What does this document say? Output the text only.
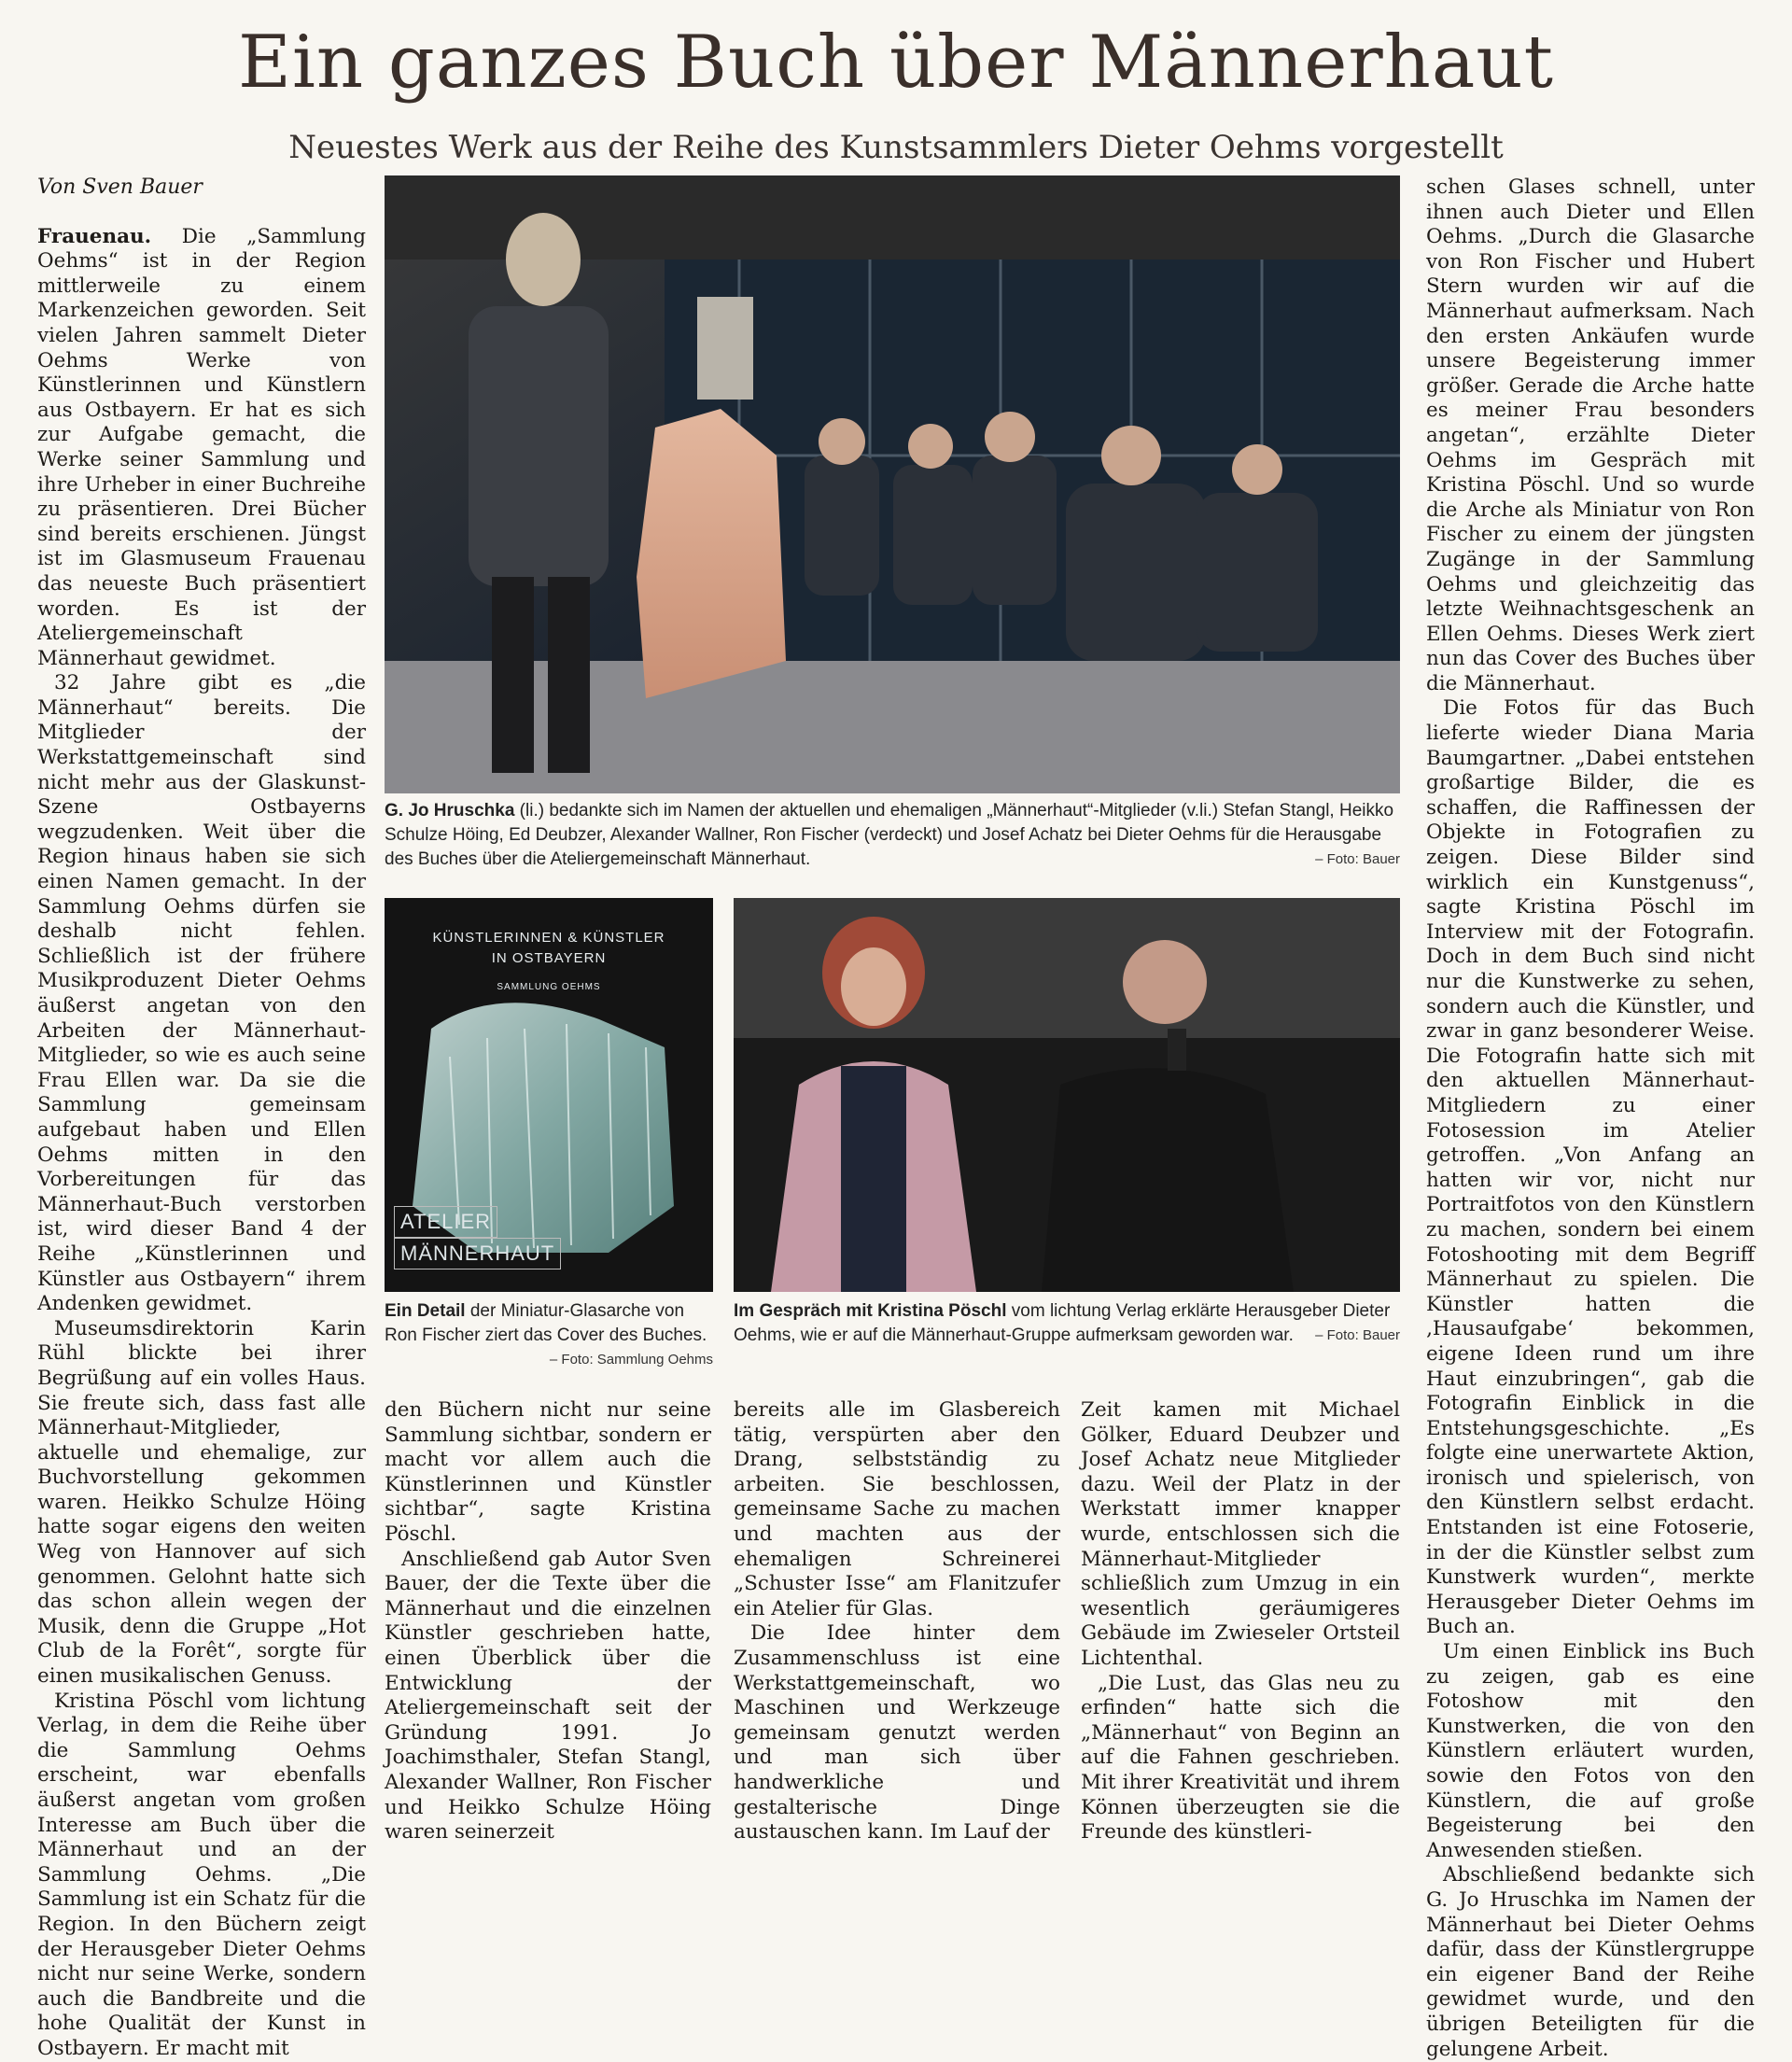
Ein ganzes Buch über Männerhaut
Neuestes Werk aus der Reihe des Kunstsammlers Dieter Oehms vorgestellt
Von Sven Bauer

Frauenau. Die „Sammlung Oehms“ ist in der Region mittlerweile zu einem Markenzeichen geworden. Seit vielen Jahren sammelt Dieter Oehms Werke von Künstlerinnen und Künstlern aus Ostbayern. Er hat es sich zur Aufgabe gemacht, die Werke seiner Sammlung und ihre Urheber in einer Buchreihe zu präsentieren. Drei Bücher sind bereits erschienen. Jüngst ist im Glasmuseum Frauenau das neueste Buch präsentiert worden. Es ist der Ateliergemeinschaft Männerhaut gewidmet.

32 Jahre gibt es „die Männerhaut“ bereits. Die Mitglieder der Werkstattgemeinschaft sind nicht mehr aus der Glaskunst-Szene Ostbayerns wegzudenken. Weit über die Region hinaus haben sie sich einen Namen gemacht. In der Sammlung Oehms dürfen sie deshalb nicht fehlen. Schließlich ist der frühere Musikproduzent Dieter Oehms äußerst angetan von den Arbeiten der Männerhaut-Mitglieder, so wie es auch seine Frau Ellen war. Da sie die Sammlung gemeinsam aufgebaut haben und Ellen Oehms mitten in den Vorbereitungen für das Männerhaut-Buch verstorben ist, wird dieser Band 4 der Reihe „Künstlerinnen und Künstler aus Ostbayern“ ihrem Andenken gewidmet.

Museumsdirektorin Karin Rühl blickte bei ihrer Begrüßung auf ein volles Haus. Sie freute sich, dass fast alle Männerhaut-Mitglieder, aktuelle und ehemalige, zur Buchvorstellung gekommen waren. Heikko Schulze Höing hatte sogar eigens den weiten Weg von Hannover auf sich genommen. Gelohnt hatte sich das schon allein wegen der Musik, denn die Gruppe „Hot Club de la Forêt“, sorgte für einen musikalischen Genuss.

Kristina Pöschl vom lichtung Verlag, in dem die Reihe über die Sammlung Oehms erscheint, war ebenfalls äußerst angetan vom großen Interesse am Buch über die Männerhaut und an der Sammlung Oehms. „Die Sammlung ist ein Schatz für die Region. In den Büchern zeigt der Herausgeber Dieter Oehms nicht nur seine Werke, sondern auch die Bandbreite und die hohe Qualität der Kunst in Ostbayern. Er macht mit

G. Jo Hruschka (li.) bedankte sich im Namen der aktuellen und ehemaligen „Männerhaut“-Mitglieder (v.li.) Stefan Stangl, Heikko Schulze Höing, Ed Deubzer, Alexander Wallner, Ron Fischer (verdeckt) und Josef Achatz bei Dieter Oehms für die Herausgabe des Buches über die Ateliergemeinschaft Männerhaut.	– Foto: Bauer
KÜNSTLERINNEN & KÜNSTLER
IN OSTBAYERN
SAMMLUNG OEHMS
ATELIER MÄNNERHAUT
Ein Detail der Miniatur-Glasarche von Ron Fischer ziert das Cover des Buches.
– Foto: Sammlung Oehms
Im Gespräch mit Kristina Pöschl vom lichtung Verlag erklärte Herausgeber Dieter Oehms, wie er auf die Männerhaut-Gruppe aufmerksam geworden war. – Foto: Bauer

den Büchern nicht nur seine Sammlung sichtbar, sondern er macht vor allem auch die Künstlerinnen und Künstler sichtbar“, sagte Kristina Pöschl.

Anschließend gab Autor Sven Bauer, der die Texte über die Männerhaut und die einzelnen Künstler geschrieben hatte, einen Überblick über die Entwicklung der Ateliergemeinschaft seit der Gründung 1991. Jo Joachimsthaler, Stefan Stangl, Alexander Wallner, Ron Fischer und Heikko Schulze Höing waren seinerzeit

bereits alle im Glasbereich tätig, verspürten aber den Drang, selbstständig zu arbeiten. Sie beschlossen, gemeinsame Sache zu machen und machten aus der ehemaligen Schreinerei „Schuster Isse“ am Flanitzufer ein Atelier für Glas.

Die Idee hinter dem Zusammenschluss ist eine Werkstattgemeinschaft, wo Maschinen und Werkzeuge gemeinsam genutzt werden und man sich über handwerkliche und gestalterische Dinge austauschen kann. Im Lauf der

Zeit kamen mit Michael Gölker, Eduard Deubzer und Josef Achatz neue Mitglieder dazu. Weil der Platz in der Werkstatt immer knapper wurde, entschlossen sich die Männerhaut-Mitglieder schließlich zum Umzug in ein wesentlich geräumigeres Gebäude im Zwieseler Ortsteil Lichtenthal.

„Die Lust, das Glas neu zu erfinden“ hatte sich die „Männerhaut“ von Beginn an auf die Fahnen geschrieben. Mit ihrer Kreativität und ihrem Können überzeugten sie die Freunde des künstleri-

schen Glases schnell, unter ihnen auch Dieter und Ellen Oehms. „Durch die Glasarche von Ron Fischer und Hubert Stern wurden wir auf die Männerhaut aufmerksam. Nach den ersten Ankäufen wurde unsere Begeisterung immer größer. Gerade die Arche hatte es meiner Frau besonders angetan“, erzählte Dieter Oehms im Gespräch mit Kristina Pöschl. Und so wurde die Arche als Miniatur von Ron Fischer zu einem der jüngsten Zugänge in der Sammlung Oehms und gleichzeitig das letzte Weihnachtsgeschenk an Ellen Oehms. Dieses Werk ziert nun das Cover des Buches über die Männerhaut.

Die Fotos für das Buch lieferte wieder Diana Maria Baumgartner. „Dabei entstehen großartige Bilder, die es schaffen, die Raffinessen der Objekte in Fotografien zu zeigen. Diese Bilder sind wirklich ein Kunstgenuss“, sagte Kristina Pöschl im Interview mit der Fotografin. Doch in dem Buch sind nicht nur die Kunstwerke zu sehen, sondern auch die Künstler, und zwar in ganz besonderer Weise. Die Fotografin hatte sich mit den aktuellen Männerhaut-Mitgliedern zu einer Fotosession im Atelier getroffen. „Von Anfang an hatten wir vor, nicht nur Portraitfotos von den Künstlern zu machen, sondern bei einem Fotoshooting mit dem Begriff Männerhaut zu spielen. Die Künstler hatten die ‚Hausaufgabe‘ bekommen, eigene Ideen rund um ihre Haut einzubringen“, gab die Fotografin Einblick in die Entstehungsgeschichte. „Es folgte eine unerwartete Aktion, ironisch und spielerisch, von den Künstlern selbst erdacht. Entstanden ist eine Fotoserie, in der die Künstler selbst zum Kunstwerk wurden“, merkte Herausgeber Dieter Oehms im Buch an.

Um einen Einblick ins Buch zu zeigen, gab es eine Fotoshow mit den Kunstwerken, die von den Künstlern erläutert wurden, sowie den Fotos von den Künstlern, die auf große Begeisterung bei den Anwesenden stießen.

Abschließend bedankte sich G. Jo Hruschka im Namen der Männerhaut bei Dieter Oehms dafür, dass der Künstlergruppe ein eigener Band der Reihe gewidmet wurde, und den übrigen Beteiligten für die gelungene Arbeit.
